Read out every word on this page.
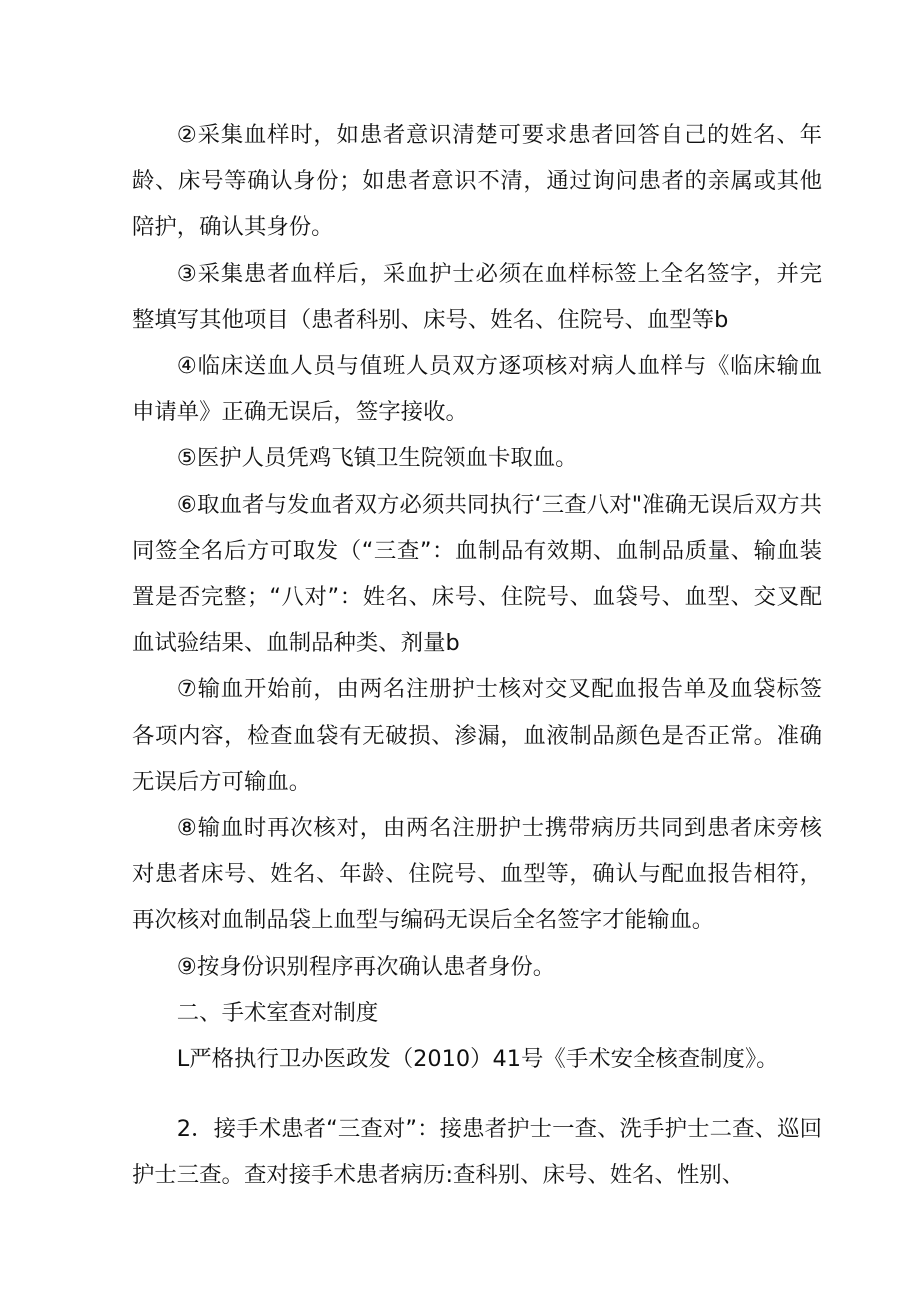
②采集血样时，如患者意识清楚可要求患者回答自己的姓名、年龄、床号等确认身份；如患者意识不清，通过询问患者的亲属或其他陪护，确认其身份。

③采集患者血样后，采血护士必须在血样标签上全名签字，并完整填写其他项目（患者科别、床号、姓名、住院号、血型等b

④临床送血人员与值班人员双方逐项核对病人血样与《临床输血申请单》正确无误后，签字接收。

⑤医护人员凭鸡飞镇卫生院领血卡取血。

⑥取血者与发血者双方必须共同执行‘三查八对"准确无误后双方共同签全名后方可取发（“三查”：血制品有效期、血制品质量、输血装置是否完整；“八对”：姓名、床号、住院号、血袋号、血型、交叉配血试验结果、血制品种类、剂量b

⑦输血开始前，由两名注册护士核对交叉配血报告单及血袋标签各项内容，检查血袋有无破损、渗漏，血液制品颜色是否正常。准确无误后方可输血。

⑧输血时再次核对，由两名注册护士携带病历共同到患者床旁核对患者床号、姓名、年龄、住院号、血型等，确认与配血报告相符，再次核对血制品袋上血型与编码无误后全名签字才能输血。

⑨按身份识别程序再次确认患者身份。

二、手术室查对制度

L严格执行卫办医政发（2010）41号《手术安全核查制度》。

2．接手术患者“三查对”：接患者护士一查、洗手护士二查、巡回护士三查。查对接手术患者病历:查科别、床号、姓名、性别、
